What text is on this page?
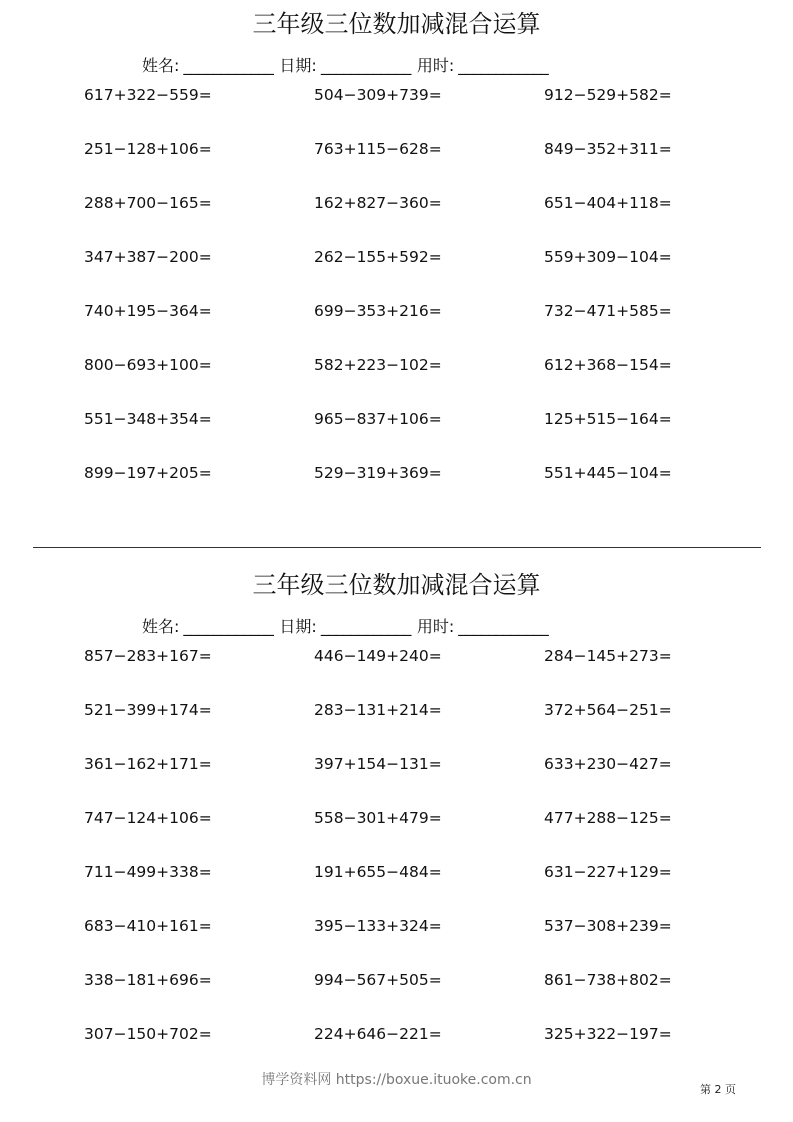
三年级三位数加减混合运算
姓名: ____________ 日期: ____________ 用时: ____________
617+322−559=	504−309+739=	912−529+582=
251−128+106=	763+115−628=	849−352+311=
288+700−165=	162+827−360=	651−404+118=
347+387−200=	262−155+592=	559+309−104=
740+195−364=	699−353+216=	732−471+585=
800−693+100=	582+223−102=	612+368−154=
551−348+354=	965−837+106=	125+515−164=
899−197+205=	529−319+369=	551+445−104=
三年级三位数加减混合运算
姓名: ____________ 日期: ____________ 用时: ____________
857−283+167=	446−149+240=	284−145+273=
521−399+174=	283−131+214=	372+564−251=
361−162+171=	397+154−131=	633+230−427=
747−124+106=	558−301+479=	477+288−125=
711−499+338=	191+655−484=	631−227+129=
683−410+161=	395−133+324=	537−308+239=
338−181+696=	994−567+505=	861−738+802=
307−150+702=	224+646−221=	325+322−197=
博学资料网 https://boxue.ituoke.com.cn
第 2 页
